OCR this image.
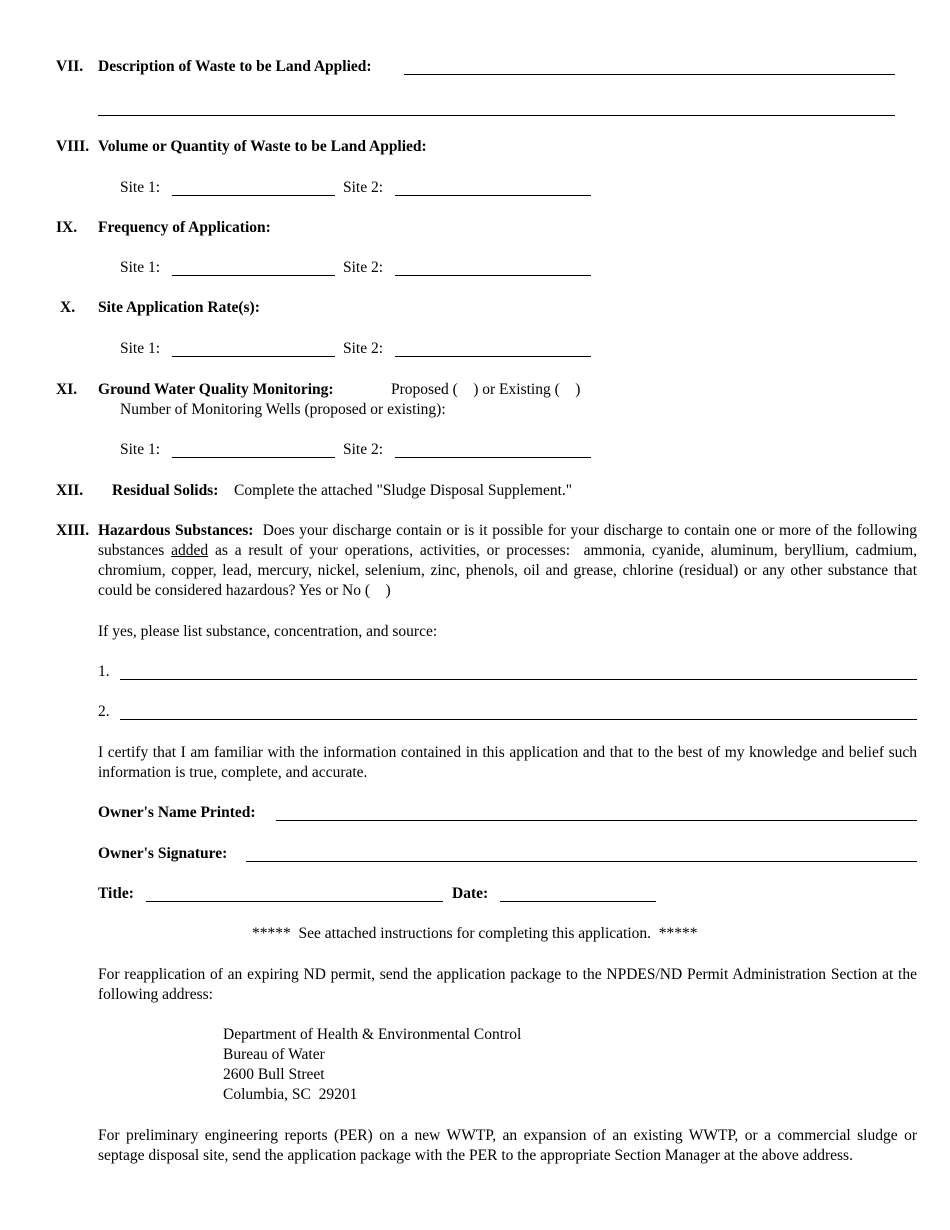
VII. Description of Waste to be Land Applied:
VIII. Volume or Quantity of Waste to be Land Applied:
Site 1:	Site 2:
IX. Frequency of Application:
Site 1:	Site 2:
X. Site Application Rate(s):
Site 1:	Site 2:
XI. Ground Water Quality Monitoring:	Proposed (    ) or Existing (    )
Number of Monitoring Wells (proposed or existing):
Site 1:	Site 2:
XII. Residual Solids: Complete the attached "Sludge Disposal Supplement."
XIII. Hazardous Substances: Does your discharge contain or is it possible for your discharge to contain one or more of the following substances added as a result of your operations, activities, or processes:  ammonia, cyanide, aluminum, beryllium, cadmium, chromium, copper, lead, mercury, nickel, selenium, zinc, phenols, oil and grease, chlorine (residual) or any other substance that could be considered hazardous? Yes or No (    )
If yes, please list substance, concentration, and source:
1.
2.
I certify that I am familiar with the information contained in this application and that to the best of my knowledge and belief such information is true, complete, and accurate.
Owner's Name Printed:
Owner's Signature:
Title:	Date:
*****  See attached instructions for completing this application.  *****
For reapplication of an expiring ND permit, send the application package to the NPDES/ND Permit Administration Section at the following address:
Department of Health & Environmental Control
Bureau of Water
2600 Bull Street
Columbia, SC  29201
For preliminary engineering reports (PER) on a new WWTP, an expansion of an existing WWTP, or a commercial sludge or septage disposal site, send the application package with the PER to the appropriate Section Manager at the above address.
